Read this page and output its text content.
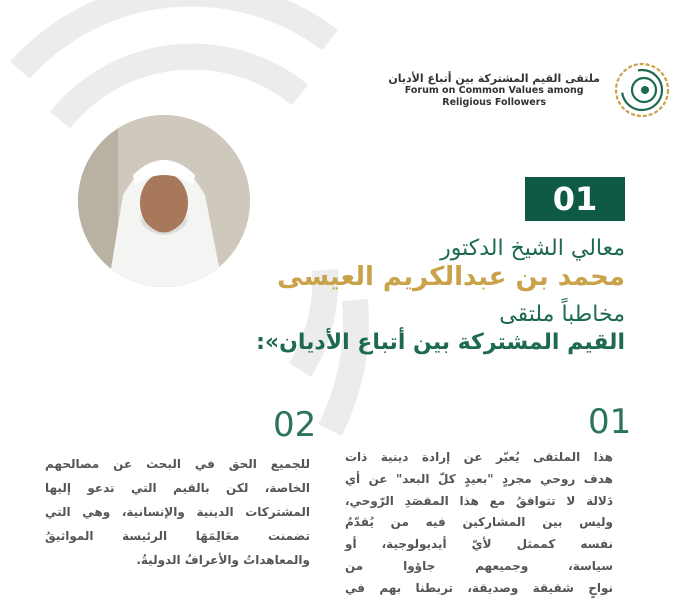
ملتقى القيم المشتركة بين أتباع الأديان
Forum on Common Values among
Religious Followers
01
معالي الشيخ الدكتور
محمد بن عبدالكريم العيسى
مخاطباً ملتقى
القيم المشتركة بين أتباع الأديان»:
01
هذا الملتقى يُعبّر عن إرادة دينية ذات
هدف روحي مجردٍ "بعيدٍ كلّ البعد" عن أي
دَلالة لا تتوافقُ مع هذا المقصَدِ الرّوحي،
وليس بين المشاركين فيه من يُقدّمُ
نفسه كممثل لأيّ أيديولوجية، أو
سياسة، وجميعهم جاؤوا من
نواحٍ شقيقة وصديقة، تربطنا بهم في
02
للجميع الحق في البحث عن مصالحهم
الخاصة، لكن بالقيم التي تدعو إليها
المشتركات الدينية والإنسانية، وهي التي
تضمنت معَالِمَهَا الرئيسة المواثيقُ
والمعاهداتُ والأعرافُ الدوليةُ.
